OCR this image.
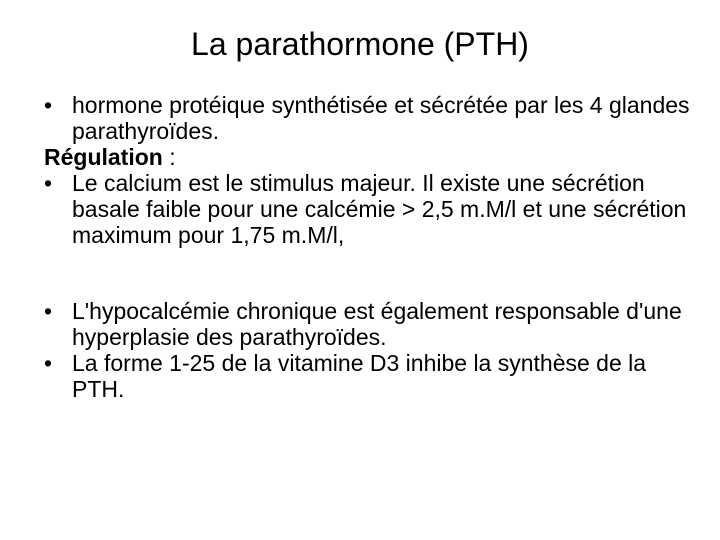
La parathormone (PTH)

• hormone protéique synthétisée et sécrétée par les 4 glandes parathyroïdes.

Régulation :

• Le calcium est le stimulus majeur. Il existe une sécrétion basale faible pour une calcémie > 2,5 m.M/l et une sécrétion maximum pour 1,75 m.M/l,

• L'hypocalcémie chronique est également responsable d'une hyperplasie des parathyroïdes.

• La forme 1-25 de la vitamine D3 inhibe la synthèse de la PTH.
